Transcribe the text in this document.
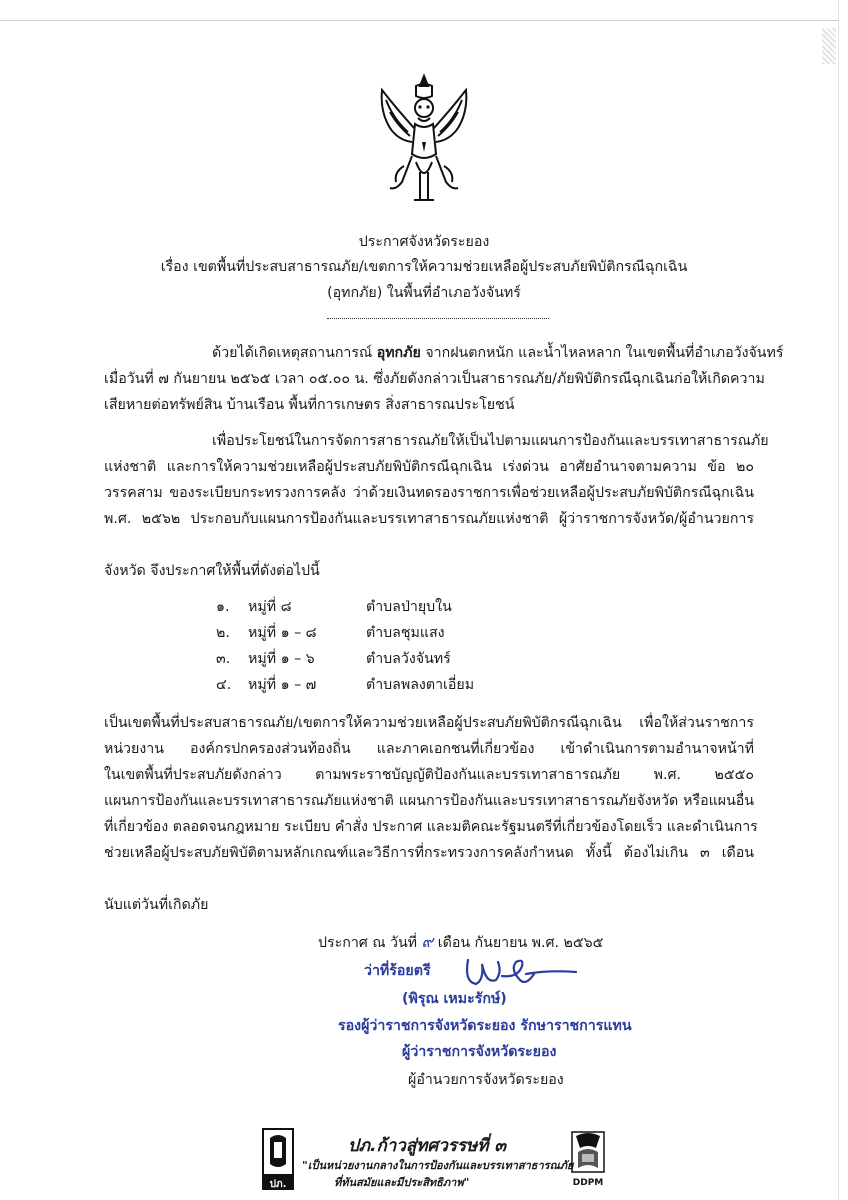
ประกาศจังหวัดระยอง
เรื่อง เขตพื้นที่ประสบสาธารณภัย/เขตการให้ความช่วยเหลือผู้ประสบภัยพิบัติกรณีฉุกเฉิน
(อุทกภัย) ในพื้นที่อำเภอวังจันทร์
ด้วยได้เกิดเหตุสถานการณ์ อุทกภัย จากฝนตกหนัก และน้ำไหลหลาก ในเขตพื้นที่อำเภอวังจันทร์
เมื่อวันที่ ๗ กันยายน ๒๕๖๕ เวลา ๐๕.๐๐ น. ซึ่งภัยดังกล่าวเป็นสาธารณภัย/ภัยพิบัติกรณีฉุกเฉินก่อให้เกิดความ
เสียหายต่อทรัพย์สิน บ้านเรือน พื้นที่การเกษตร สิ่งสาธารณประโยชน์
เพื่อประโยชน์ในการจัดการสาธารณภัยให้เป็นไปตามแผนการป้องกันและบรรเทาสาธารณภัย
แห่งชาติ และการให้ความช่วยเหลือผู้ประสบภัยพิบัติกรณีฉุกเฉิน เร่งด่วน อาศัยอำนาจตามความ ข้อ ๒๐
วรรคสาม ของระเบียบกระทรวงการคลัง ว่าด้วยเงินทดรองราชการเพื่อช่วยเหลือผู้ประสบภัยพิบัติกรณีฉุกเฉิน
พ.ศ. ๒๕๖๒ ประกอบกับแผนการป้องกันและบรรเทาสาธารณภัยแห่งชาติ ผู้ว่าราชการจังหวัด/ผู้อำนวยการ
จังหวัด จึงประกาศให้พื้นที่ดังต่อไปนี้
๑.	หมู่ที่ ๘	ตำบลป่ายุบใน
๒.	หมู่ที่ ๑ – ๘	ตำบลชุมแสง
๓.	หมู่ที่ ๑ – ๖	ตำบลวังจันทร์
๔.	หมู่ที่ ๑ – ๗	ตำบลพลงตาเอี่ยม
เป็นเขตพื้นที่ประสบสาธารณภัย/เขตการให้ความช่วยเหลือผู้ประสบภัยพิบัติกรณีฉุกเฉิน เพื่อให้ส่วนราชการ
หน่วยงาน องค์กรปกครองส่วนท้องถิ่น และภาคเอกชนที่เกี่ยวข้อง เข้าดำเนินการตามอำนาจหน้าที่
ในเขตพื้นที่ประสบภัยดังกล่าว ตามพระราชบัญญัติป้องกันและบรรเทาสาธารณภัย พ.ศ. ๒๕๕๐
แผนการป้องกันและบรรเทาสาธารณภัยแห่งชาติ แผนการป้องกันและบรรเทาสาธารณภัยจังหวัด หรือแผนอื่น
ที่เกี่ยวข้อง ตลอดจนกฎหมาย ระเบียบ คำสั่ง ประกาศ และมติคณะรัฐมนตรีที่เกี่ยวข้องโดยเร็ว และดำเนินการ
ช่วยเหลือผู้ประสบภัยพิบัติตามหลักเกณฑ์และวิธีการที่กระทรวงการคลังกำหนด ทั้งนี้ ต้องไม่เกิน ๓ เดือน
นับแต่วันที่เกิดภัย
ประกาศ ณ วันที่ ๙ เดือน กันยายน พ.ศ. ๒๕๖๕
ว่าที่ร้อยตรี
(พิรุณ เหมะรักษ์)
รองผู้ว่าราชการจังหวัดระยอง รักษาราชการแทน
ผู้ว่าราชการจังหวัดระยอง
ผู้อำนวยการจังหวัดระยอง
ปภ.
ปภ.ก้าวสู่ทศวรรษที่ ๓
"เป็นหน่วยงานกลางในการป้องกันและบรรเทาสาธารณภัย
ที่ทันสมัยและมีประสิทธิภาพ"	DDPM
